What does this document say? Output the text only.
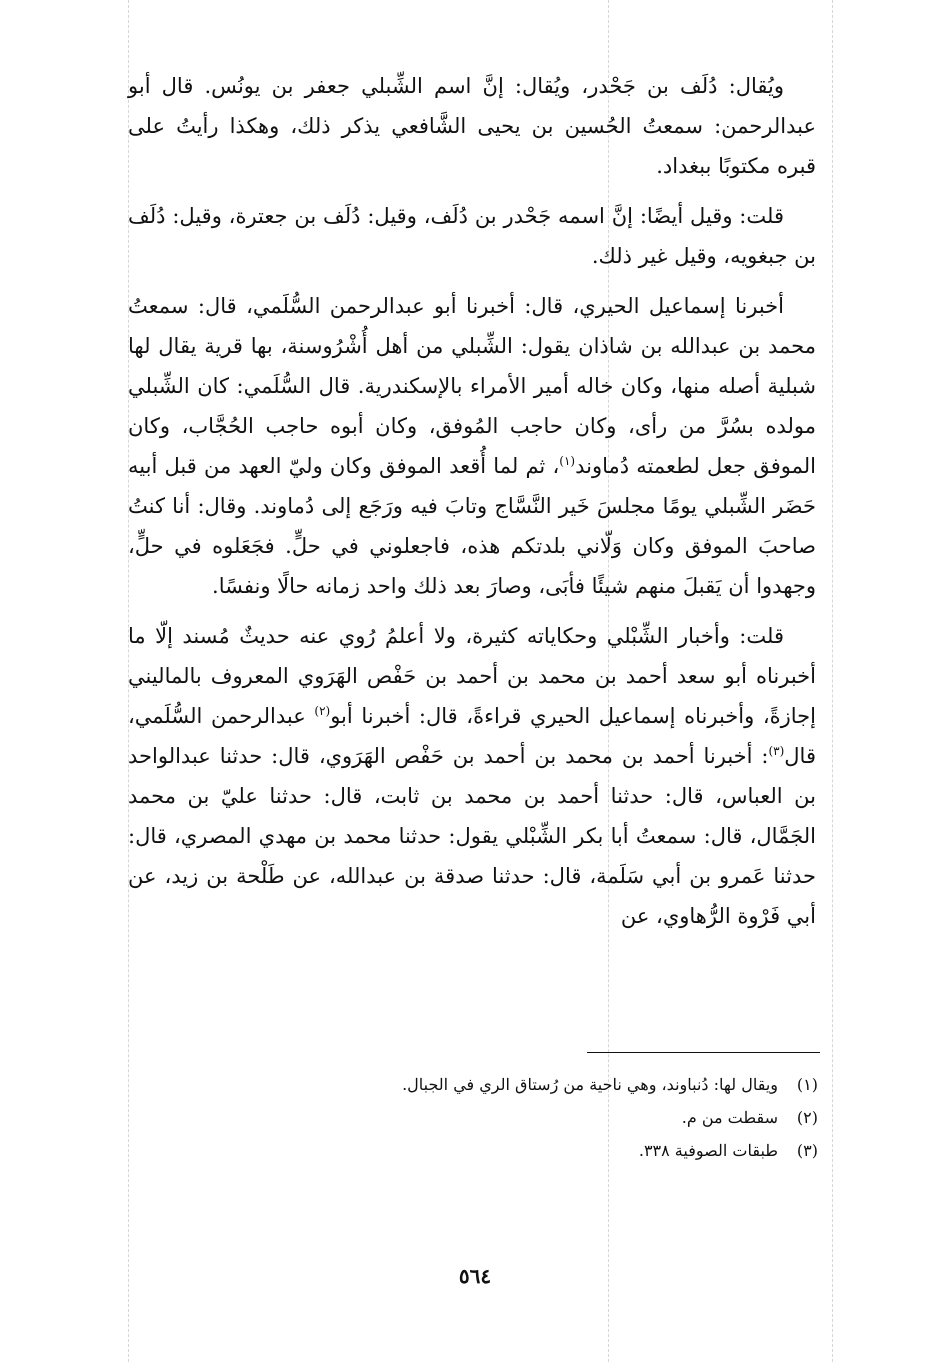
ويُقال: دُلَف بن جَحْدر، ويُقال: إنَّ اسم الشِّبلي جعفر بن يونُس. قال أبو عبدالرحمن: سمعتُ الحُسين بن يحيى الشَّافعي يذكر ذلك، وهكذا رأيتُ على قبره مكتوبًا ببغداد.

قلت: وقيل أيضًا: إنَّ اسمه جَحْدر بن دُلَف، وقيل: دُلَف بن جعترة، وقيل: دُلَف بن جبغويه، وقيل غير ذلك.

أخبرنا إسماعيل الحيري، قال: أخبرنا أبو عبدالرحمن السُّلَمي، قال: سمعتُ محمد بن عبدالله بن شاذان يقول: الشِّبلي من أهل أُشْرُوسنة، بها قرية يقال لها شبلية أصله منها، وكان خاله أمير الأمراء بالإسكندرية. قال السُّلَمي: كان الشِّبلي مولده بسُرَّ من رأى، وكان حاجب المُوفق، وكان أبوه حاجب الحُجَّاب، وكان الموفق جعل لطعمته دُماوند$^{(١)}$، ثم لما أُقعد الموفق وكان وليّ العهد من قبل أبيه حَضَر الشِّبلي يومًا مجلسَ خَير النَّسَّاج وتابَ فيه ورَجَع إلى دُماوند. وقال: أنا كنتُ صاحبَ الموفق وكان وَلّاني بلدتكم هذه، فاجعلوني في حلٍّ. فجَعَلوه في حلٍّ، وجهدوا أن يَقبلَ منهم شيئًا فأبَى، وصارَ بعد ذلك واحد زمانه حالًا ونفسًا.

قلت: وأخبار الشِّبْلي وحكاياته كثيرة، ولا أعلمُ رُوي عنه حديثٌ مُسند إلّا ما أخبرناه أبو سعد أحمد بن محمد بن أحمد بن حَفْص الهَرَوي المعروف بالماليني إجازةً، وأخبرناه إسماعيل الحيري قراءةً، قال: أخبرنا أبو$^{(٢)}$ عبدالرحمن السُّلَمي، قال$^{(٣)}$: أخبرنا أحمد بن محمد بن أحمد بن حَفْص الهَرَوي، قال: حدثنا عبدالواحد بن العباس، قال: حدثنا أحمد بن محمد بن ثابت، قال: حدثنا عليّ بن محمد الجَمَّال، قال: سمعتُ أبا بكر الشِّبْلي يقول: حدثنا محمد بن مهدي المصري، قال: حدثنا عَمرو بن أبي سَلَمة، قال: حدثنا صدقة بن عبدالله، عن طَلْحة بن زيد، عن أبي فَرْوة الرُّهاوي، عن

(١)ويقال لها: دُنباوند، وهي ناحية من رُستاق الري في الجبال.
(٢)سقطت من م.
(٣)طبقات الصوفية ٣٣٨.
٥٦٤
